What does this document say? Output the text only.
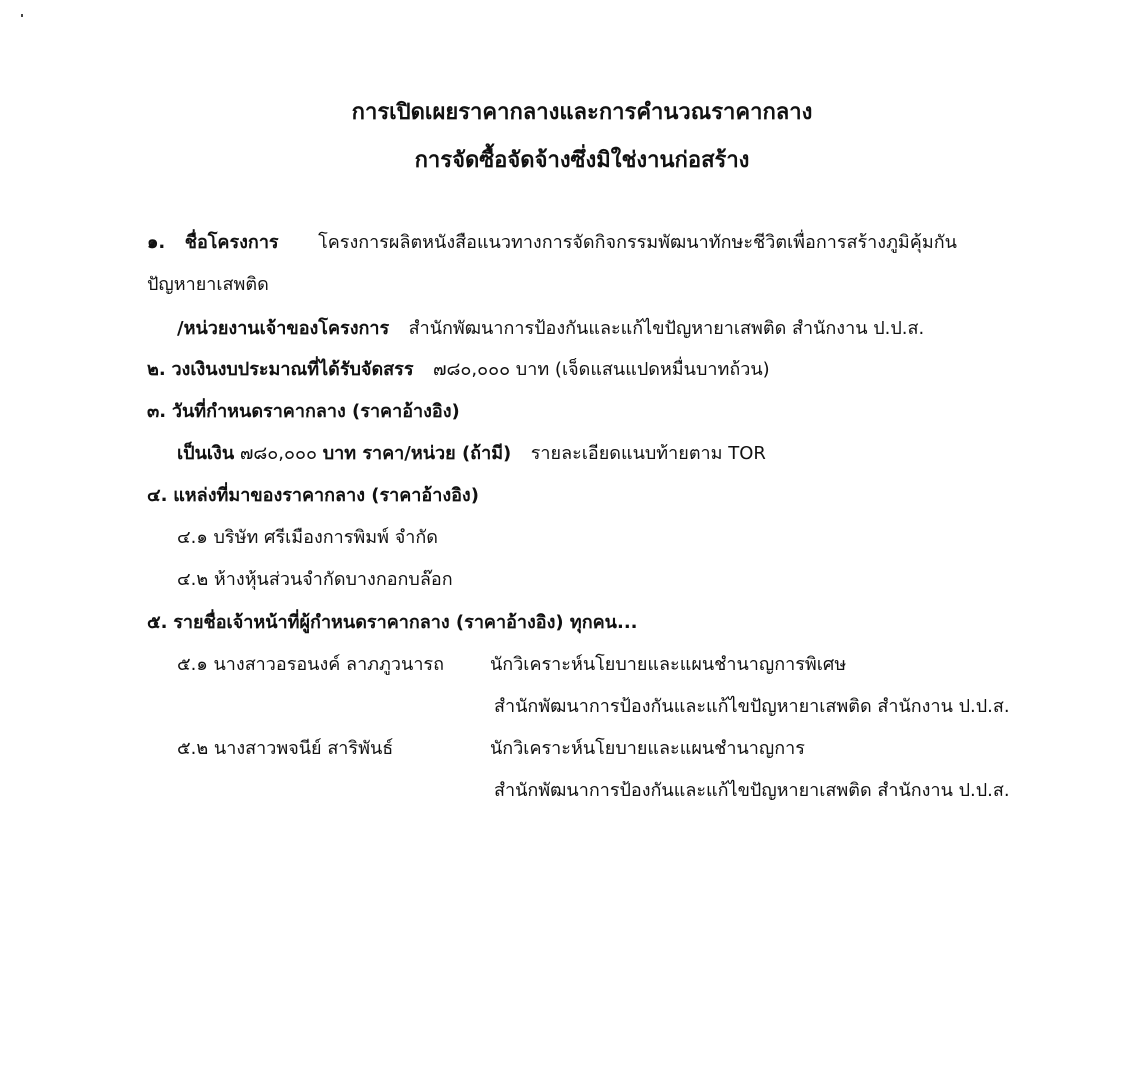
การเปิดเผยราคากลางและการคำนวณราคากลาง
การจัดซื้อจัดจ้างซึ่งมิใช่งานก่อสร้าง
๑. ชื่อโครงการ โครงการผลิตหนังสือแนวทางการจัดกิจกรรมพัฒนาทักษะชีวิตเพื่อการสร้างภูมิคุ้มกัน
ปัญหายาเสพติด
/หน่วยงานเจ้าของโครงการ สำนักพัฒนาการป้องกันและแก้ไขปัญหายาเสพติด สำนักงาน ป.ป.ส.
๒. วงเงินงบประมาณที่ได้รับจัดสรร ๗๘๐,๐๐๐ บาท (เจ็ดแสนแปดหมื่นบาทถ้วน)
๓. วันที่กำหนดราคากลาง (ราคาอ้างอิง)
เป็นเงิน ๗๘๐,๐๐๐ บาท ราคา/หน่วย (ถ้ามี) รายละเอียดแนบท้ายตาม TOR
๔. แหล่งที่มาของราคากลาง (ราคาอ้างอิง)
๔.๑ บริษัท ศรีเมืองการพิมพ์ จำกัด
๔.๒ ห้างหุ้นส่วนจำกัดบางกอกบล๊อก
๕. รายชื่อเจ้าหน้าที่ผู้กำหนดราคากลาง (ราคาอ้างอิง) ทุกคน...
๕.๑ นางสาวอรอนงค์ ลาภภูวนารถ	นักวิเคราะห์นโยบายและแผนชำนาญการพิเศษ
สำนักพัฒนาการป้องกันและแก้ไขปัญหายาเสพติด สำนักงาน ป.ป.ส.
๕.๒ นางสาวพจนีย์ สาริพันธ์	นักวิเคราะห์นโยบายและแผนชำนาญการ
สำนักพัฒนาการป้องกันและแก้ไขปัญหายาเสพติด สำนักงาน ป.ป.ส.
